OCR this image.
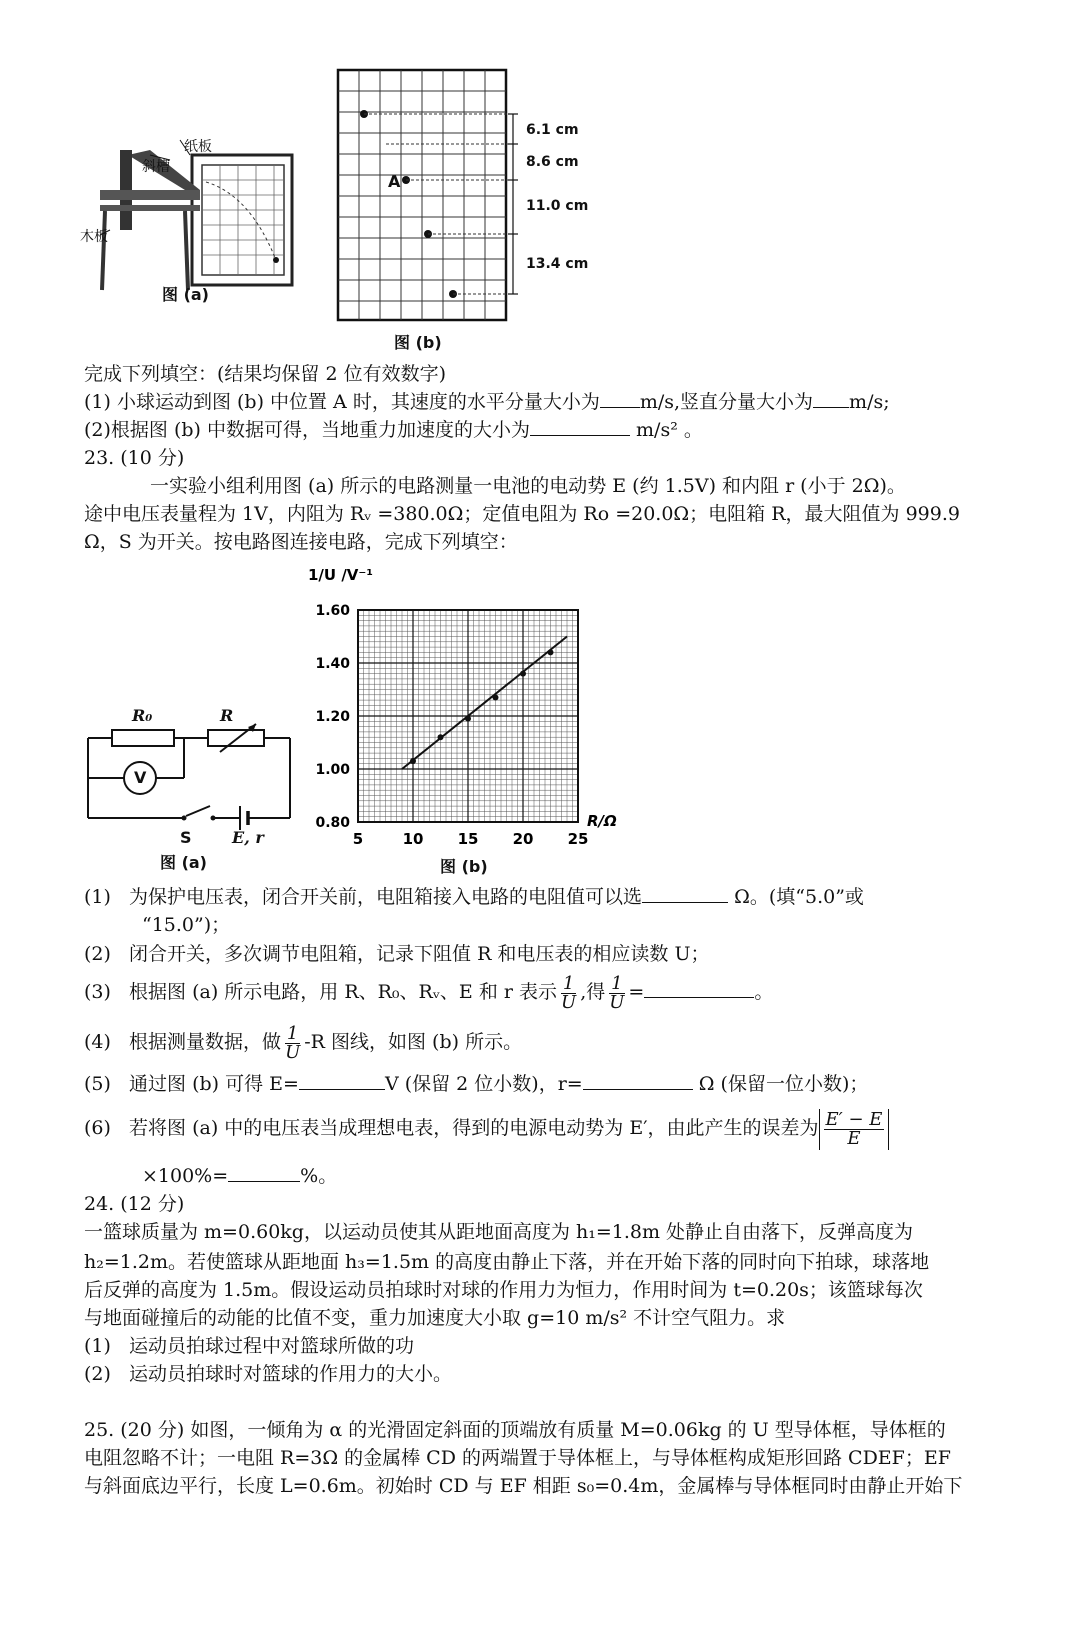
纸板
斜槽
木板
图 (a)
A
6.1 cm
8.6 cm
11.0 cm
13.4 cm
图 (b)
完成下列填空：(结果均保留 2 位有效数字)
(1) 小球运动到图 (b) 中位置 A 时，其速度的水平分量大小为 m/s,竖直分量大小为 m/s;
(2)根据图 (b) 中数据可得，当地重力加速度的大小为	m/s² 。
23. (10 分)
一实验小组利用图 (a) 所示的电路测量一电池的电动势 E (约 1.5V) 和内阻 r (小于 2Ω)。
途中电压表量程为 1V，内阻为 Rᵥ =380.0Ω；定值电阻为 Ro =20.0Ω；电阻箱 R，最大阻值为 999.9
Ω，S 为开关。按电路图连接电路，完成下列填空：
R₀	R
V
S	E, r
图 (a)
5	10 15 20 25
0.80
1.00
1.20
1.40
1.60
1/U /V⁻¹
R/Ω
图 (b)
(1) 为保护电压表，闭合开关前，电阻箱接入电路的电阻值可以选	Ω。(填“5.0”或
“15.0”)；
(2) 闭合开关，多次调节电阻箱，记录下阻值 R 和电压表的相应读数 U；
(3) 根据图 (a) 所示电路，用 R、R₀、Rᵥ、E 和 r 表示 $\frac{1}{U}$ ,得 $\frac{1}{U}$ =	。
(4) 根据测量数据，做 $\frac{1}{U} -R$ 图线，如图 (b) 所示。
(5) 通过图 (b) 可得 E=	V (保留 2 位小数)，r=	Ω (保留一位小数)；
(6) 若将图 (a) 中的电压表当成理想电表，得到的电源电动势为 E′，由此产生的误差为 $\frac{E' - E}{E}$
×100%=	%。
24. (12 分)
一篮球质量为 m=0.60kg，以运动员使其从距地面高度为 h₁=1.8m 处静止自由落下，反弹高度为
h₂=1.2m。若使篮球从距地面 h₃=1.5m 的高度由静止下落，并在开始下落的同时向下拍球，球落地
后反弹的高度为 1.5m。假设运动员拍球时对球的作用力为恒力，作用时间为 t=0.20s；该篮球每次
与地面碰撞后的动能的比值不变，重力加速度大小取 g=10 m/s² 不计空气阻力。求
(1) 运动员拍球过程中对篮球所做的功
(2) 运动员拍球时对篮球的作用力的大小。
25. (20 分) 如图，一倾角为 α 的光滑固定斜面的顶端放有质量 M=0.06kg 的 U 型导体框，导体框的
电阻忽略不计；一电阻 R=3Ω 的金属棒 CD 的两端置于导体框上，与导体框构成矩形回路 CDEF；EF
与斜面底边平行，长度 L=0.6m。初始时 CD 与 EF 相距 s₀=0.4m，金属棒与导体框同时由静止开始下
